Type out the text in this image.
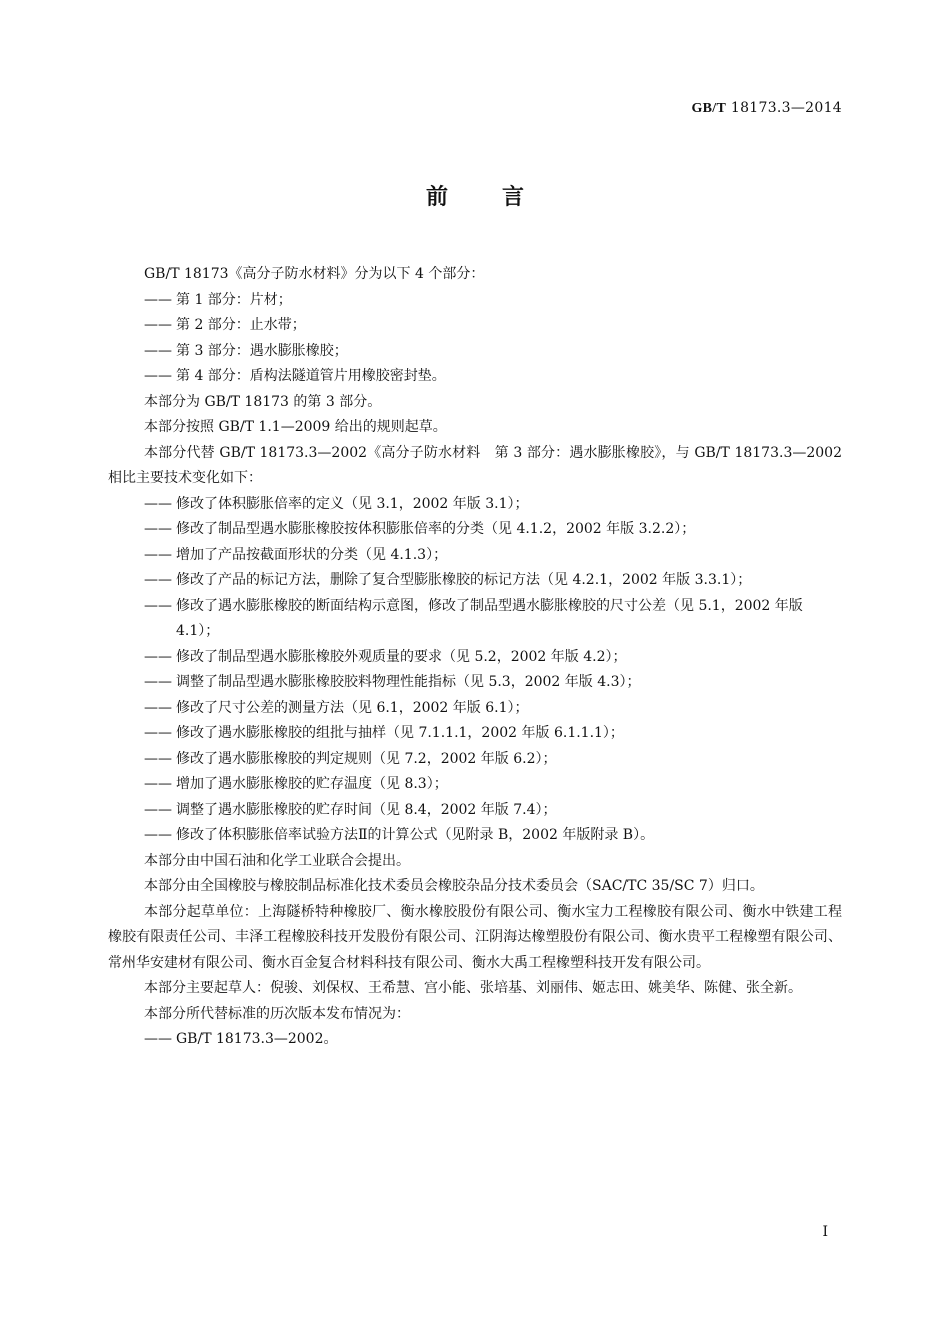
GB/T 18173.3—2014
前言

GB/T 18173《高分子防水材料》分为以下 4 个部分：

—— 第 1 部分：片材；
—— 第 2 部分：止水带；
—— 第 3 部分：遇水膨胀橡胶；
—— 第 4 部分：盾构法隧道管片用橡胶密封垫。

本部分为 GB/T 18173 的第 3 部分。

本部分按照 GB/T 1.1—2009 给出的规则起草。

本部分代替 GB/T 18173.3—2002《高分子防水材料　第 3 部分：遇水膨胀橡胶》，与 GB/T 18173.3—2002 相比主要技术变化如下：

—— 修改了体积膨胀倍率的定义（见 3.1，2002 年版 3.1）；
—— 修改了制品型遇水膨胀橡胶按体积膨胀倍率的分类（见 4.1.2，2002 年版 3.2.2）；
—— 增加了产品按截面形状的分类（见 4.1.3）；
—— 修改了产品的标记方法，删除了复合型膨胀橡胶的标记方法（见 4.2.1，2002 年版 3.3.1）；
—— 修改了遇水膨胀橡胶的断面结构示意图，修改了制品型遇水膨胀橡胶的尺寸公差（见 5.1，2002 年版 4.1）；
—— 修改了制品型遇水膨胀橡胶外观质量的要求（见 5.2，2002 年版 4.2）；
—— 调整了制品型遇水膨胀橡胶胶料物理性能指标（见 5.3，2002 年版 4.3）；
—— 修改了尺寸公差的测量方法（见 6.1，2002 年版 6.1）；
—— 修改了遇水膨胀橡胶的组批与抽样（见 7.1.1.1，2002 年版 6.1.1.1）；
—— 修改了遇水膨胀橡胶的判定规则（见 7.2，2002 年版 6.2）；
—— 增加了遇水膨胀橡胶的贮存温度（见 8.3）；
—— 调整了遇水膨胀橡胶的贮存时间（见 8.4，2002 年版 7.4）；
—— 修改了体积膨胀倍率试验方法Ⅱ的计算公式（见附录 B，2002 年版附录 B）。

本部分由中国石油和化学工业联合会提出。

本部分由全国橡胶与橡胶制品标准化技术委员会橡胶杂品分技术委员会（SAC/TC 35/SC 7）归口。

本部分起草单位：上海隧桥特种橡胶厂、衡水橡胶股份有限公司、衡水宝力工程橡胶有限公司、衡水中铁建工程橡胶有限责任公司、丰泽工程橡胶科技开发股份有限公司、江阴海达橡塑股份有限公司、衡水贵平工程橡塑有限公司、常州华安建材有限公司、衡水百金复合材料科技有限公司、衡水大禹工程橡塑科技开发有限公司。

本部分主要起草人：倪骏、刘保权、王希慧、宫小能、张培基、刘丽伟、姬志田、姚美华、陈健、张全新。

本部分所代替标准的历次版本发布情况为：

—— GB/T 18173.3—2002。
Ⅰ
